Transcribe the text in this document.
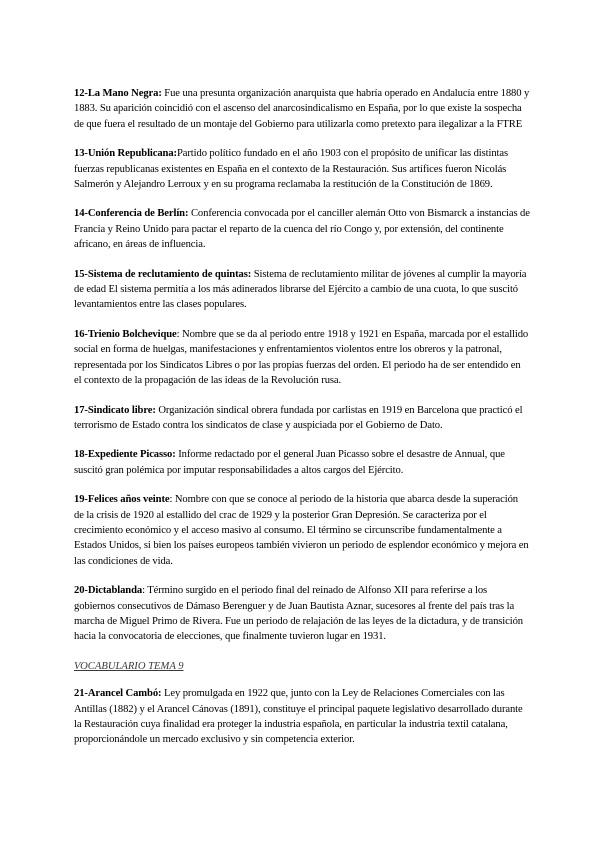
12-La Mano Negra: Fue una presunta organización anarquista que habría operado en Andalucía entre 1880 y 1883. Su aparición coincidió con el ascenso del anarcosindicalismo en España, por lo que existe la sospecha de que fuera el resultado de un montaje del Gobierno para utilizarla como pretexto para ilegalizar a la FTRE

13-Unión Republicana:Partido político fundado en el año 1903 con el propósito de unificar las distintas fuerzas republicanas existentes en España en el contexto de la Restauración. Sus artífices fueron Nicolás Salmerón y Alejandro Lerroux y en su programa reclamaba la restitución de la Constitución de 1869.

14-Conferencia de Berlín: Conferencia convocada por el canciller alemán Otto von Bismarck a instancias de Francia y Reino Unido para pactar el reparto de la cuenca del río Congo y, por extensión, del continente africano, en áreas de influencia.

15-Sistema de reclutamiento de quintas: Sistema de reclutamiento militar de jóvenes al cumplir la mayoría de edad El sistema permitía a los más adinerados librarse del Ejército a cambio de una cuota, lo que suscitó levantamientos entre las clases populares.

16-Trienio Bolchevique: Nombre que se da al periodo entre 1918 y 1921 en España, marcada por el estallido social en forma de huelgas, manifestaciones y enfrentamientos violentos entre los obreros y la patronal, representada por los Sindicatos Libres o por las propias fuerzas del orden. El periodo ha de ser entendido en el contexto de la propagación de las ideas de la Revolución rusa.

17-Sindicato libre: Organización sindical obrera fundada por carlistas en 1919 en Barcelona que practicó el terrorismo de Estado contra los sindicatos de clase y auspiciada por el Gobierno de Dato.

18-Expediente Picasso: Informe redactado por el general Juan Picasso sobre el desastre de Annual, que suscitó gran polémica por imputar responsabilidades a altos cargos del Ejército.

19-Felices años veinte: Nombre con que se conoce al periodo de la historia que abarca desde la superación de la crisis de 1920 al estallido del crac de 1929 y la posterior Gran Depresión. Se caracteriza por el crecimiento económico y el acceso masivo al consumo. El término se circunscribe fundamentalmente a Estados Unidos, si bien los países europeos también vivieron un periodo de esplendor económico y mejora en las condiciones de vida.

20-Dictablanda: Término surgido en el periodo final del reinado de Alfonso XII para referirse a los gobiernos consecutivos de Dámaso Berenguer y de Juan Bautista Aznar, sucesores al frente del país tras la marcha de Miguel Primo de Rivera. Fue un periodo de relajación de las leyes de la dictadura, y de transición hacia la convocatoria de elecciones, que finalmente tuvieron lugar en 1931.

VOCABULARIO TEMA 9

21-Arancel Cambó: Ley promulgada en 1922 que, junto con la Ley de Relaciones Comerciales con las Antillas (1882) y el Arancel Cánovas (1891), constituye el principal paquete legislativo desarrollado durante la Restauración cuya finalidad era proteger la industria española, en particular la industria textil catalana, proporcionándole un mercado exclusivo y sin competencia exterior.
